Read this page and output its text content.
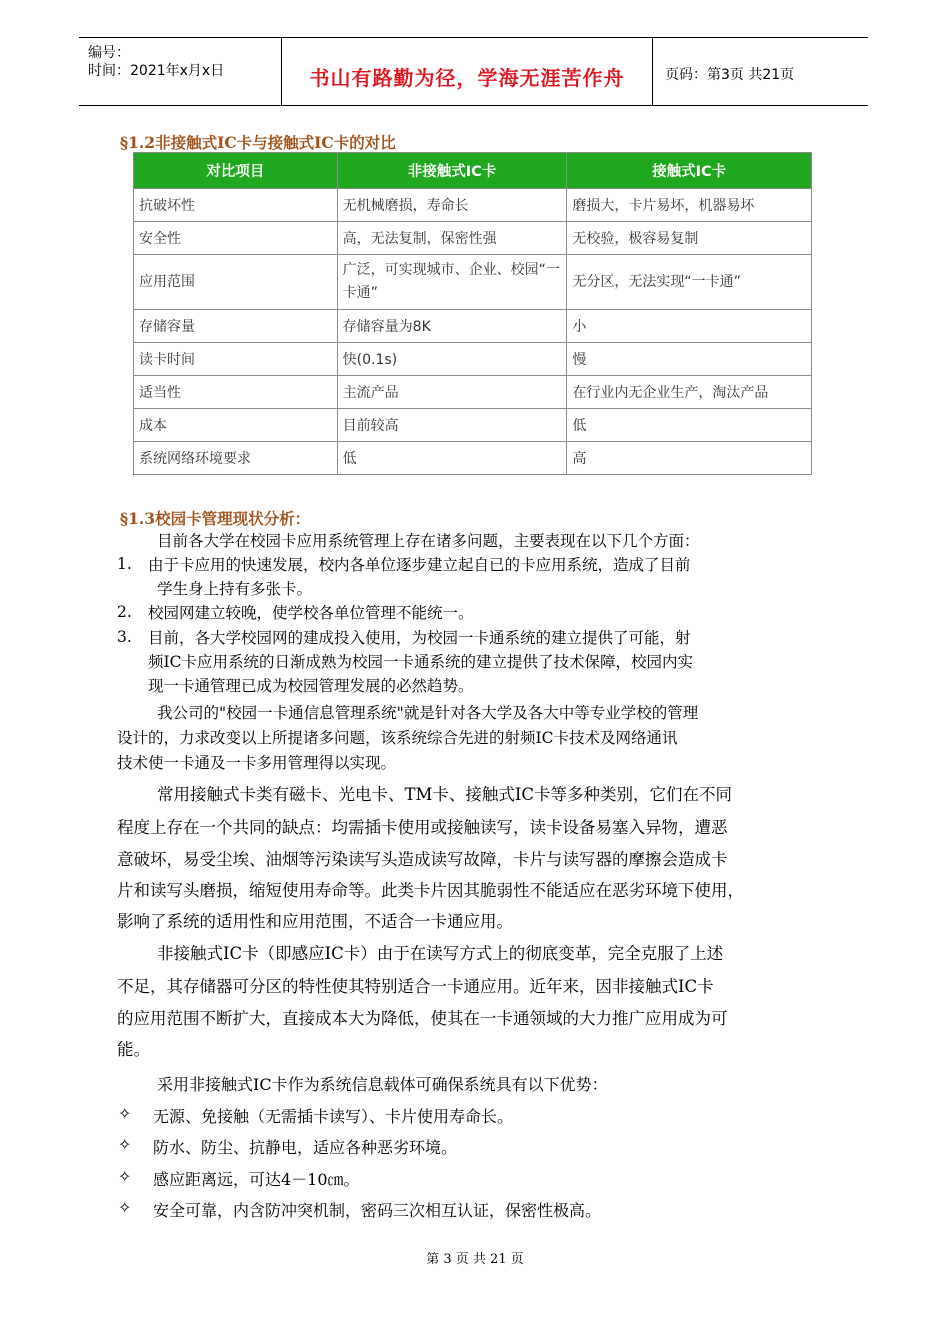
编号：
时间：2021年x月x日	书山有路勤为径，学海无涯苦作舟	页码：第3页 共21页
§1.2非接触式IC卡与接触式IC卡的对比
对比项目	非接触式IC卡	接触式IC卡
抗破坏性	无机械磨损，寿命长	磨损大，卡片易坏，机器易坏
安全性	高，无法复制，保密性强	无校验，极容易复制
应用范围	广泛，可实现城市、企业、校园“一卡通”	无分区，无法实现“一卡通”
存储容量	存储容量为8K	小
读卡时间	快(0.1s)	慢
适当性	主流产品	在行业内无企业生产，淘汰产品
成本	目前较高	低
系统网络环境要求	低	高
§1.3校园卡管理现状分析：
目前各大学在校园卡应用系统管理上存在诸多问题，主要表现在以下几个方面：
1. 由于卡应用的快速发展，校内各单位逐步建立起自已的卡应用系统，造成了目前
学生身上持有多张卡。
2. 校园网建立较晚，使学校各单位管理不能统一。
3. 目前，各大学校园网的建成投入使用，为校园一卡通系统的建立提供了可能，射
频IC卡应用系统的日渐成熟为校园一卡通系统的建立提供了技术保障，校园内实
现一卡通管理已成为校园管理发展的必然趋势。
我公司的"校园一卡通信息管理系统"就是针对各大学及各大中等专业学校的管理
设计的，力求改变以上所提诸多问题，该系统综合先进的射频IC卡技术及网络通讯
技术使一卡通及一卡多用管理得以实现。
常用接触式卡类有磁卡、光电卡、TM卡、接触式IC卡等多种类别，它们在不同
程度上存在一个共同的缺点：均需插卡使用或接触读写，读卡设备易塞入异物，遭恶
意破坏，易受尘埃、油烟等污染读写头造成读写故障，卡片与读写器的摩擦会造成卡
片和读写头磨损，缩短使用寿命等。此类卡片因其脆弱性不能适应在恶劣环境下使用，
影响了系统的适用性和应用范围，不适合一卡通应用。
非接触式IC卡（即感应IC卡）由于在读写方式上的彻底变革，完全克服了上述
不足，其存储器可分区的特性使其特别适合一卡通应用。近年来，因非接触式IC卡
的应用范围不断扩大，直接成本大为降低，使其在一卡通领域的大力推广应用成为可
能。
采用非接触式IC卡作为系统信息载体可确保系统具有以下优势：
✧ 无源、免接触（无需插卡读写）、卡片使用寿命长。
✧ 防水、防尘、抗静电，适应各种恶劣环境。
✧ 感应距离远，可达4－10㎝。
✧ 安全可靠，内含防冲突机制，密码三次相互认证，保密性极高。
第 3 页 共 21 页
